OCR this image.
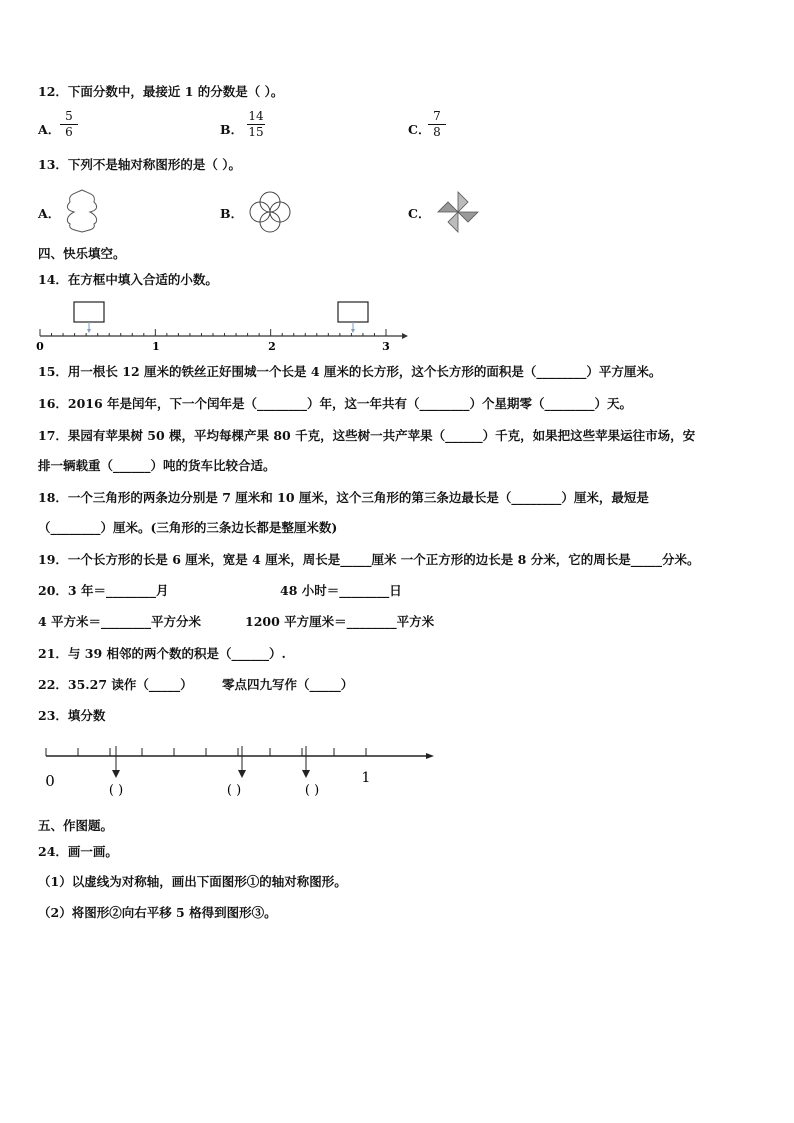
12．下面分数中，最接近 1 的分数是（ ）。
A．
5
6	B．
14
15	C．
7
8
13．下列不是轴对称图形的是（ ）。
A．	B．	C．
四、快乐填空。
14．在方框中填入合适的小数。
0	1	2	3
15．用一根长 12 厘米的铁丝正好围城一个长是 4 厘米的长方形，这个长方形的面积是（________）平方厘米。
16．2016 年是闰年，下一个闰年是（________）年，这一年共有（________）个星期零（________）天。
17．果园有苹果树 50 棵，平均每棵产果 80 千克，这些树一共产苹果（______）千克，如果把这些苹果运往市场，安
排一辆载重（______）吨的货车比较合适。
18．一个三角形的两条边分别是 7 厘米和 10 厘米，这个三角形的第三条边最长是（________）厘米，最短是
（________）厘米。(三角形的三条边长都是整厘米数)
19．一个长方形的长是 6 厘米，宽是 4 厘米，周长是_____厘米 一个正方形的边长是 8 分米，它的周长是_____分米。
20．3 年＝________月	48 小时＝________日
4 平方米＝________平方分米	1200 平方厘米＝________平方米
21．与 39 相邻的两个数的积是（______）.
22．35.27 读作（_____） 零点四九写作（_____）
23．填分数
0	1
( )	( )	( )
五、作图题。
24．画一画。
（1）以虚线为对称轴，画出下面图形①的轴对称图形。
（2）将图形②向右平移 5 格得到图形③。
